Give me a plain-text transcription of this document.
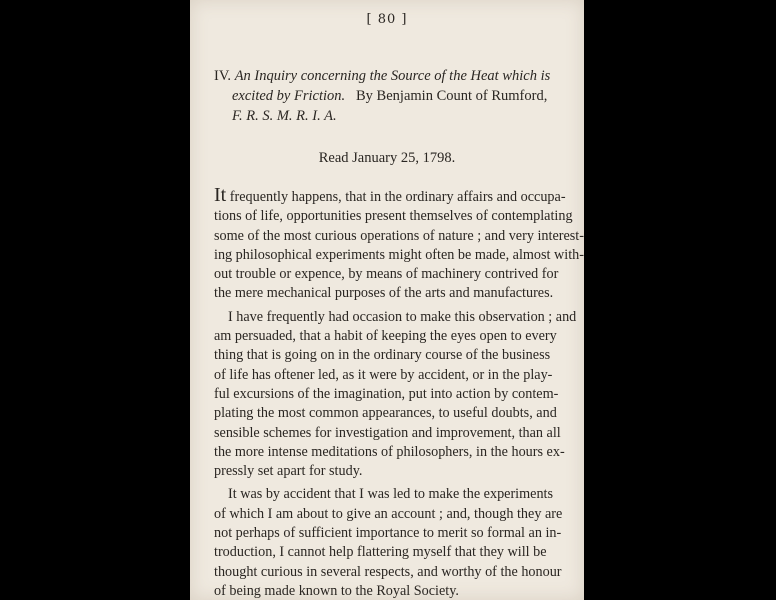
[ 80 ]
IV. An Inquiry concerning the Source of the Heat which is
excited by Friction. By Benjamin Count of Rumford,
F. R. S. M. R. I. A.
Read January 25, 1798.
It frequently happens, that in the ordinary affairs and occupa-
tions of life, opportunities present themselves of contemplating
some of the most curious operations of nature ; and very interest-
ing philosophical experiments might often be made, almost with-
out trouble or expence, by means of machinery contrived for
the mere mechanical purposes of the arts and manufactures.
I have frequently had occasion to make this observation ; and
am persuaded, that a habit of keeping the eyes open to every
thing that is going on in the ordinary course of the business
of life has oftener led, as it were by accident, or in the play-
ful excursions of the imagination, put into action by contem-
plating the most common appearances, to useful doubts, and
sensible schemes for investigation and improvement, than all
the more intense meditations of philosophers, in the hours ex-
pressly set apart for study.
It was by accident that I was led to make the experiments
of which I am about to give an account ; and, though they are
not perhaps of sufficient importance to merit so formal an in-
troduction, I cannot help flattering myself that they will be
thought curious in several respects, and worthy of the honour
of being made known to the Royal Society.
